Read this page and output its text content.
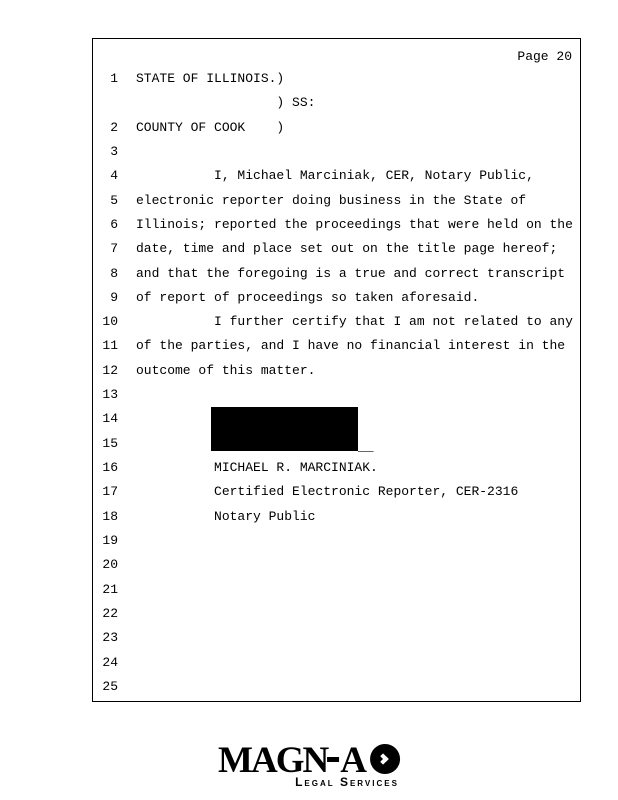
Page 20
1 STATE OF ILLINOIS.)
) SS:
2 COUNTY OF COOK    )
3
4 I, Michael Marciniak, CER, Notary Public,
5 electronic reporter doing business in the State of
6 Illinois; reported the proceedings that were held on the
7 date, time and place set out on the title page hereof;
8 and that the foregoing is a true and correct transcript
9 of report of proceedings so taken aforesaid.
10 I further certify that I am not related to any
11 of the parties, and I have no financial interest in the
12 outcome of this matter.
13
14
15
16 MICHAEL R. MARCINIAK.
17 Certified Electronic Reporter, CER-2316
18 Notary Public
19
20
21
22
23
24
25
__
MAGN A
Legal Services
